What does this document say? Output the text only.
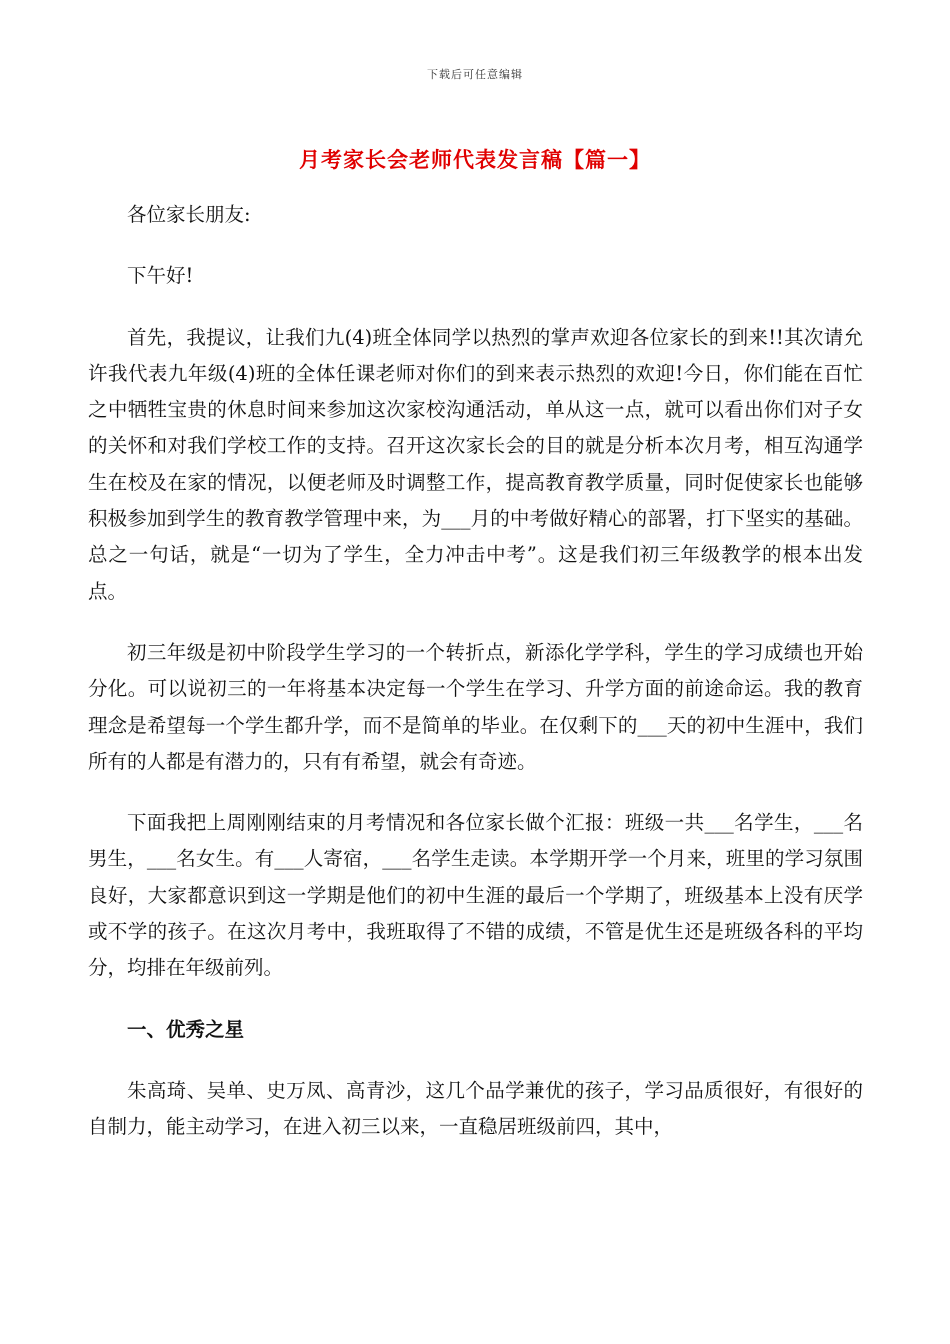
下载后可任意编辑
月考家长会老师代表发言稿【篇一】

各位家长朋友:

下午好!

首先，我提议，让我们九(4)班全体同学以热烈的掌声欢迎各位家长的到来!!其次请允许我代表九年级(4)班的全体任课老师对你们的到来表示热烈的欢迎!今日，你们能在百忙之中牺牲宝贵的休息时间来参加这次家校沟通活动，单从这一点，就可以看出你们对子女的关怀和对我们学校工作的支持。召开这次家长会的目的就是分析本次月考，相互沟通学生在校及在家的情况，以便老师及时调整工作，提高教育教学质量，同时促使家长也能够积极参加到学生的教育教学管理中来，为___月的中考做好精心的部署，打下坚实的基础。总之一句话，就是“一切为了学生，全力冲击中考”。这是我们初三年级教学的根本出发点。

初三年级是初中阶段学生学习的一个转折点，新添化学学科，学生的学习成绩也开始分化。可以说初三的一年将基本决定每一个学生在学习、升学方面的前途命运。我的教育理念是希望每一个学生都升学，而不是简单的毕业。在仅剩下的___天的初中生涯中，我们所有的人都是有潜力的，只有有希望，就会有奇迹。

下面我把上周刚刚结束的月考情况和各位家长做个汇报：班级一共___名学生，___名男生，___名女生。有___人寄宿，___名学生走读。本学期开学一个月来，班里的学习氛围良好，大家都意识到这一学期是他们的初中生涯的最后一个学期了，班级基本上没有厌学或不学的孩子。在这次月考中，我班取得了不错的成绩，不管是优生还是班级各科的平均分，均排在年级前列。

一、优秀之星

朱高琦、吴单、史万凤、高青沙，这几个品学兼优的孩子，学习品质很好，有很好的自制力，能主动学习，在进入初三以来，一直稳居班级前四，其中，
